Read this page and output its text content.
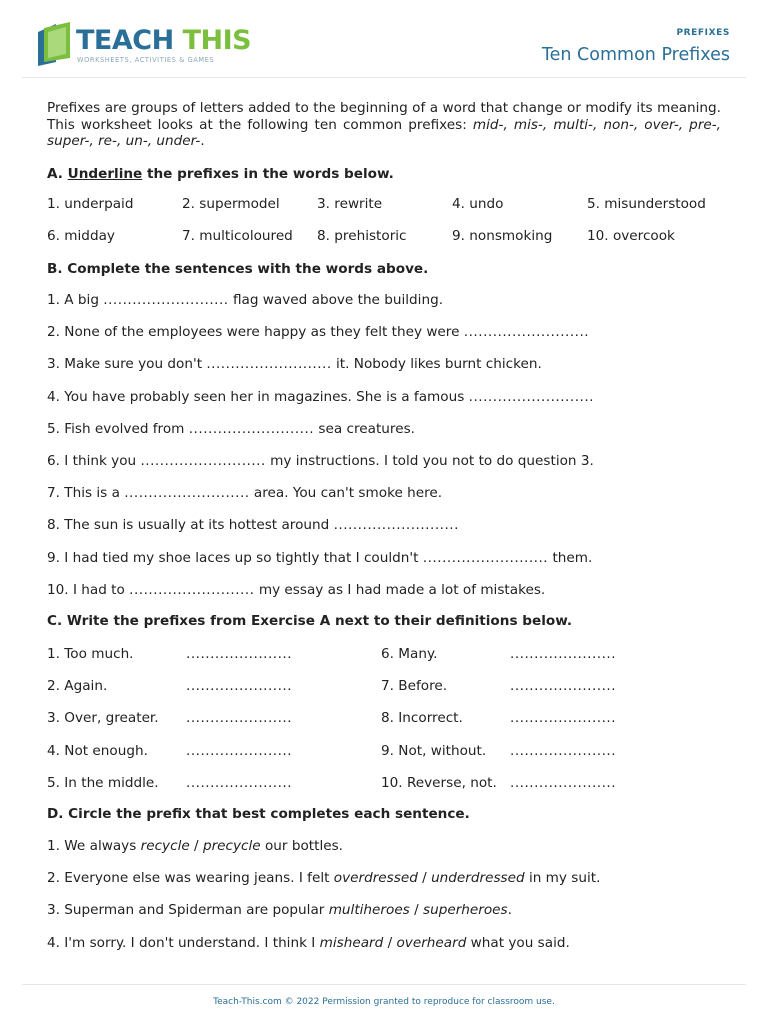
TEACH THIS
WORKSHEETS, ACTIVITIES & GAMES
PREFIXES
Ten Common Prefixes

Prefixes are groups of letters added to the beginning of a word that change or modify its meaning. This worksheet looks at the following ten common prefixes: mid-, mis-, multi-, non-, over-, pre-, super-, re-, un-, under-.

A. Underline the prefixes in the words below.
1. underpaid	2. supermodel	3. rewrite	4. undo	5. misunderstood
6. midday	7. multicoloured 8. prehistoric	9. nonsmoking	10. overcook
B. Complete the sentences with the words above.
1. A big .......................... flag waved above the building.
2. None of the employees were happy as they felt they were ..........................
3. Make sure you don't .......................... it. Nobody likes burnt chicken.
4. You have probably seen her in magazines. She is a famous ..........................
5. Fish evolved from .......................... sea creatures.
6. I think you .......................... my instructions. I told you not to do question 3.
7. This is a .......................... area. You can't smoke here.
8. The sun is usually at its hottest around ..........................
9. I had tied my shoe laces up so tightly that I couldn't .......................... them.
10. I had to .......................... my essay as I had made a lot of mistakes.
C. Write the prefixes from Exercise A next to their definitions below.
1. Too much.	......................	6. Many.	......................
2. Again.	......................	7. Before.	......................
3. Over, greater. ......................	8. Incorrect.	......................
4. Not enough.	......................	9. Not, without. ......................
5. In the middle. ......................	10. Reverse, not. ......................
D. Circle the prefix that best completes each sentence.
1. We always recycle / precycle our bottles.
2. Everyone else was wearing jeans. I felt overdressed / underdressed in my suit.
3. Superman and Spiderman are popular multiheroes / superheroes.
4. I'm sorry. I don't understand. I think I misheard / overheard what you said.
Teach-This.com © 2022 Permission granted to reproduce for classroom use.
